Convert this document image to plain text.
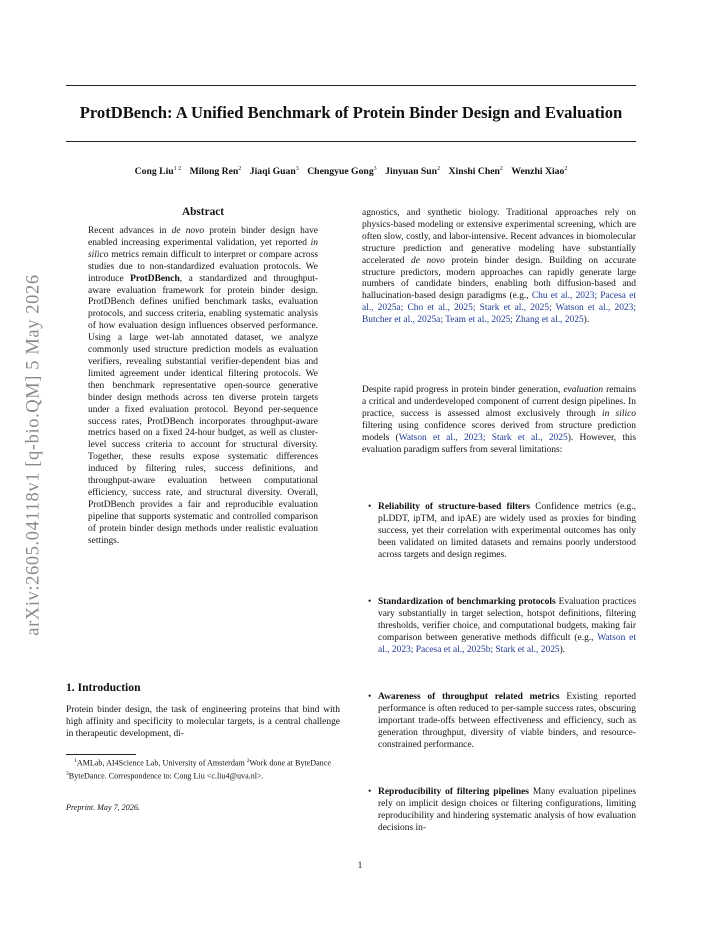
ProtDBench: A Unified Benchmark of Protein Binder Design and Evaluation
Cong Liu$^{1 2}$ Milong Ren$^2$ Jiaqi Guan$^3$ Chengyue Gong$^3$ Jinyuan Sun$^2$ Xinshi Chen$^2$ Wenzhi Xiao$^2$
arXiv:2605.04118v1 [q-bio.QM] 5 May 2026
Abstract

Recent advances in de novo protein binder design have enabled increasing experimental validation, yet reported in silico metrics remain difficult to interpret or compare across studies due to non-standardized evaluation protocols. We introduce ProtDBench, a standardized and throughput-aware evaluation framework for protein binder design. ProtDBench defines unified benchmark tasks, evaluation protocols, and success criteria, enabling systematic analysis of how evaluation design influences observed performance. Using a large wet-lab annotated dataset, we analyze commonly used structure prediction models as evaluation verifiers, revealing substantial verifier-dependent bias and limited agreement under identical filtering protocols. We then benchmark representative open-source generative binder design methods across ten diverse protein targets under a fixed evaluation protocol. Beyond per-sequence success rates, ProtDBench incorporates throughput-aware metrics based on a fixed 24-hour budget, as well as cluster-level success criteria to account for structural diversity. Together, these results expose systematic differences induced by filtering rules, success definitions, and throughput-aware evaluation between computational efficiency, success rate, and structural diversity. Overall, ProtDBench provides a fair and reproducible evaluation pipeline that supports systematic and controlled comparison of protein binder design methods under realistic evaluation settings.

1. Introduction

Protein binder design, the task of engineering proteins that bind with high affinity and specificity to molecular targets, is a central challenge in therapeutic development, di-

$^1$AMLab, AI4Science Lab, University of Amsterdam $^2$Work done at ByteDance $^3$ByteDance. Correspondence to: Cong Liu <c.liu4@uva.nl>.

Preprint. May 7, 2026.

agnostics, and synthetic biology. Traditional approaches rely on physics-based modeling or extensive experimental screening, which are often slow, costly, and labor-intensive. Recent advances in biomolecular structure prediction and generative modeling have substantially accelerated de novo protein binder design. Building on accurate structure predictors, modern approaches can rapidly generate large numbers of candidate binders, enabling both diffusion-based and hallucination-based design paradigms (e.g., Chu et al., 2023; Pacesa et al., 2025a; Cho et al., 2025; Stark et al., 2025; Watson et al., 2023; Butcher et al., 2025a; Team et al., 2025; Zhang et al., 2025).

Despite rapid progress in protein binder generation, evaluation remains a critical and underdeveloped component of current design pipelines. In practice, success is assessed almost exclusively through in silico filtering using confidence scores derived from structure prediction models (Watson et al., 2023; Stark et al., 2025). However, this evaluation paradigm suffers from several limitations:

• Reliability of structure-based filters Confidence metrics (e.g., pLDDT, ipTM, and ipAE) are widely used as proxies for binding success, yet their correlation with experimental outcomes has only been validated on limited datasets and remains poorly understood across targets and design regimes.

• Standardization of benchmarking protocols Evaluation practices vary substantially in target selection, hotspot definitions, filtering thresholds, verifier choice, and computational budgets, making fair comparison between generative methods difficult (e.g., Watson et al., 2023; Pacesa et al., 2025b; Stark et al., 2025).

• Awareness of throughput related metrics Existing reported performance is often reduced to per-sample success rates, obscuring important trade-offs between effectiveness and efficiency, such as generation throughput, diversity of viable binders, and resource-constrained performance.

• Reproducibility of filtering pipelines Many evaluation pipelines rely on implicit design choices or filtering configurations, limiting reproducibility and hindering systematic analysis of how evaluation decisions in-

1
